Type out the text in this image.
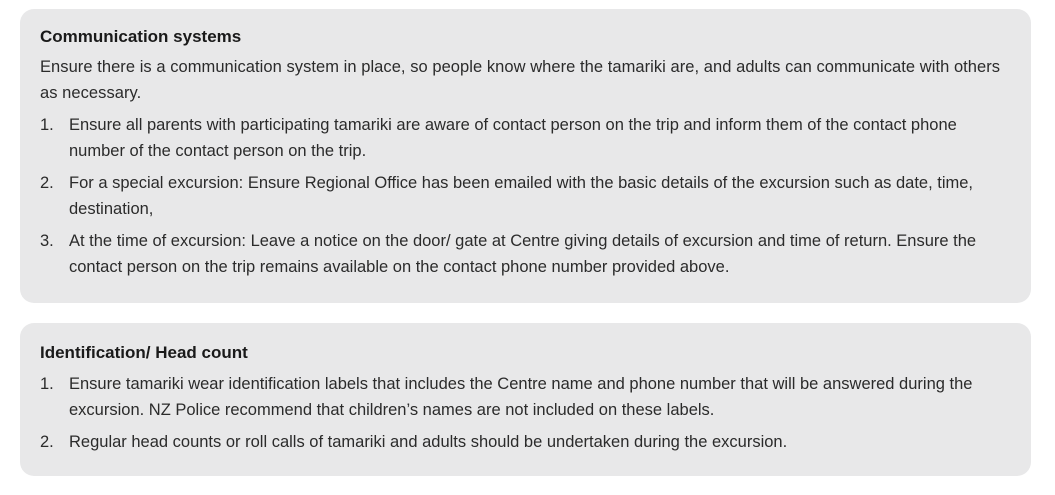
Communication systems

Ensure there is a communication system in place, so people know where the tamariki are, and adults can communicate with others as necessary.

1. Ensure all parents with participating tamariki are aware of contact person on the trip and inform them of the contact phone number of the contact person on the trip.
2. For a special excursion: Ensure Regional Office has been emailed with the basic details of the excursion such as date, time, destination,
3. At the time of excursion: Leave a notice on the door/ gate at Centre giving details of excursion and time of return. Ensure the contact person on the trip remains available on the contact phone number provided above.
Identification/ Head count
1. Ensure tamariki wear identification labels that includes the Centre name and phone number that will be answered during the excursion. NZ Police recommend that children’s names are not included on these labels.
2. Regular head counts or roll calls of tamariki and adults should be undertaken during the excursion.
